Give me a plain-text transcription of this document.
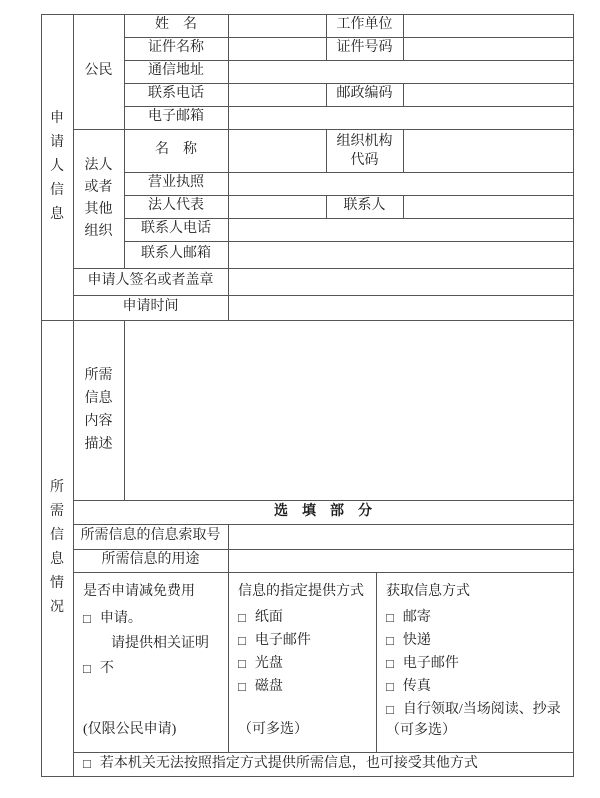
申请人信息
所需信息情况
公民
法人或者其他组织
姓　名
证件名称
通信地址
联系电话
电子邮箱
工作单位
证件号码
邮政编码
名　称
组织机构代码
营业执照
法人代表	联系人
联系人电话
联系人邮箱
申请人签名或者盖章
申请时间
所需信息内容描述
选填部分
所需信息的信息索取号
所需信息的用途
是否申请减免费用
□ 申请。
请提供相关证明
□ 不
(仅限公民申请)
信息的指定提供方式
□ 纸面
□ 电子邮件
□ 光盘
□ 磁盘
（可多选）
获取信息方式
□ 邮寄
□ 快递
□ 电子邮件
□ 传真
□ 自行领取/当场阅读、抄录
（可多选）
□ 若本机关无法按照指定方式提供所需信息，也可接受其他方式
